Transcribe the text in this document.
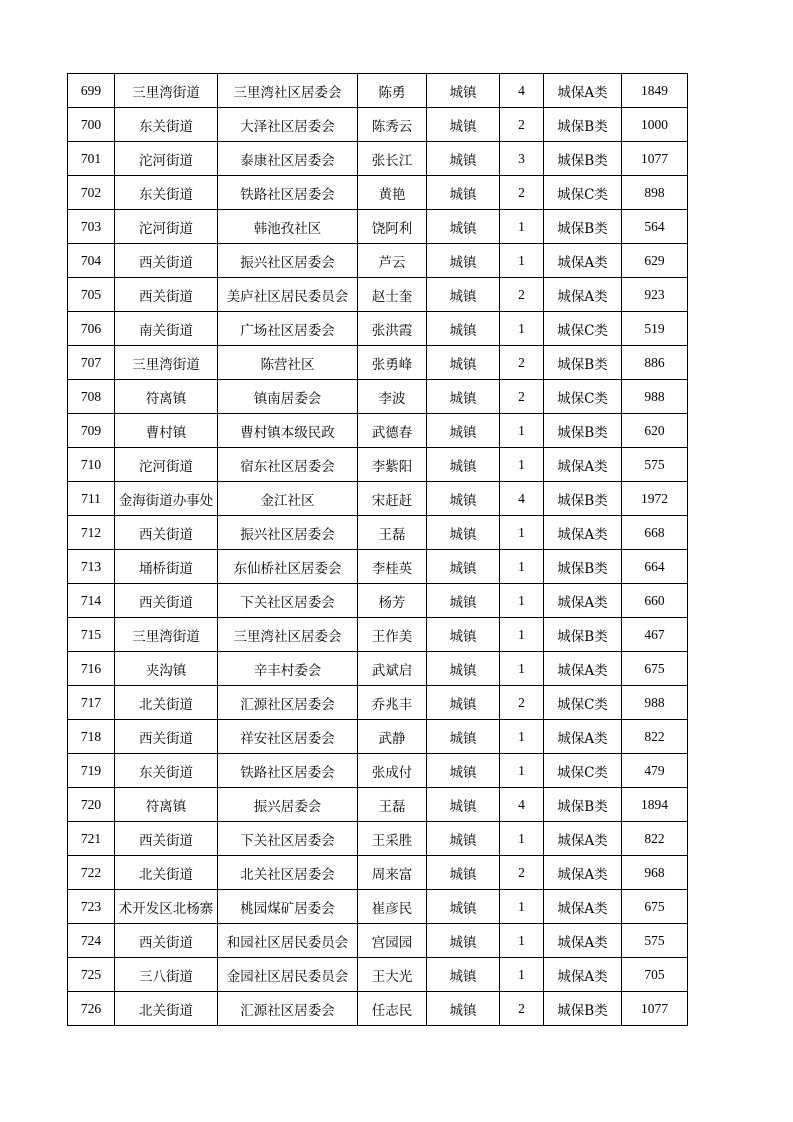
699	三里湾街道	三里湾社区居委会	陈勇	城镇	4	城保A类	1849
700	东关街道	大泽社区居委会	陈秀云	城镇	2	城保B类	1000
701	沱河街道	泰康社区居委会	张长江	城镇	3	城保B类	1077
702	东关街道	铁路社区居委会	黄艳	城镇	2	城保C类	898
703	沱河街道	韩池孜社区	饶阿利	城镇	1	城保B类	564
704	西关街道	振兴社区居委会	芦云	城镇	1	城保A类	629
705	西关街道	美庐社区居民委员会	赵士奎	城镇	2	城保A类	923
706	南关街道	广场社区居委会	张洪霞	城镇	1	城保C类	519
707	三里湾街道	陈营社区	张勇峰	城镇	2	城保B类	886
708	符离镇	镇南居委会	李波	城镇	2	城保C类	988
709	曹村镇	曹村镇本级民政	武德春	城镇	1	城保B类	620
710	沱河街道	宿东社区居委会	李紫阳	城镇	1	城保A类	575
711	金海街道办事处	金江社区	宋赶赶	城镇	4	城保B类	1972
712	西关街道	振兴社区居委会	王磊	城镇	1	城保A类	668
713	埇桥街道	东仙桥社区居委会	李桂英	城镇	1	城保B类	664
714	西关街道	下关社区居委会	杨芳	城镇	1	城保A类	660
715	三里湾街道	三里湾社区居委会	王作美	城镇	1	城保B类	467
716	夹沟镇	辛丰村委会	武斌启	城镇	1	城保A类	675
717	北关街道	汇源社区居委会	乔兆丰	城镇	2	城保C类	988
718	西关街道	祥安社区居委会	武静	城镇	1	城保A类	822
719	东关街道	铁路社区居委会	张成付	城镇	1	城保C类	479
720	符离镇	振兴居委会	王磊	城镇	4	城保B类	1894
721	西关街道	下关社区居委会	王采胜	城镇	1	城保A类	822
722	北关街道	北关社区居委会	周来富	城镇	2	城保A类	968
723	术开发区北杨寨	桃园煤矿居委会	崔彦民	城镇	1	城保A类	675
724	西关街道	和园社区居民委员会	宫园园	城镇	1	城保A类	575
725	三八街道	金园社区居民委员会	王大光	城镇	1	城保A类	705
726	北关街道	汇源社区居委会	任志民	城镇	2	城保B类	1077
